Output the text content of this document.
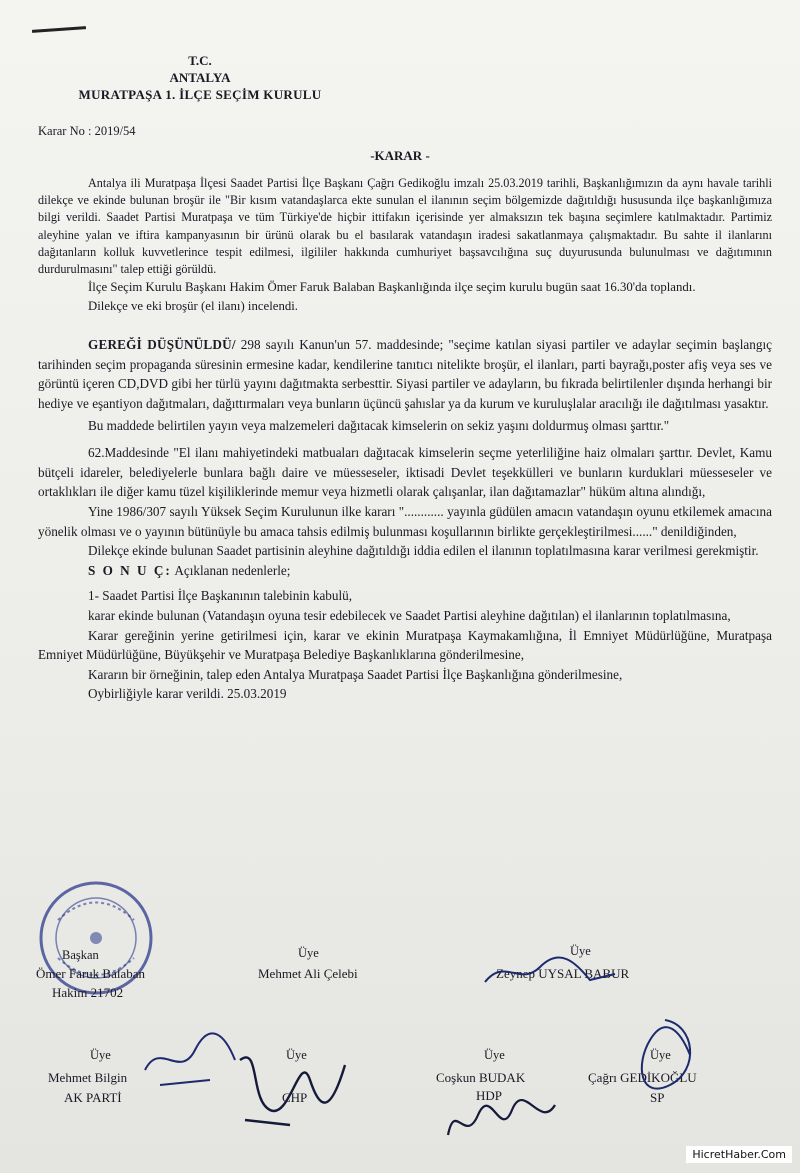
T.C.
ANTALYA
MURATPAŞA 1. İLÇE SEÇİM KURULU
Karar No : 2019/54
-KARAR -

Antalya ili Muratpaşa İlçesi Saadet Partisi İlçe Başkanı Çağrı Gedikoğlu imzalı 25.03.2019 tarihli, Başkanlığımızın da aynı havale tarihli dilekçe ve ekinde bulunan broşür ile "Bir kısım vatandaşlarca ekte sunulan el ilanının seçim bölgemizde dağıtıldığı hususunda ilçe başkanlığımıza bilgi verildi. Saadet Partisi Muratpaşa ve tüm Türkiye'de hiçbir ittifakın içerisinde yer almaksızın tek başına seçimlere katılmaktadır. Partimiz aleyhine yalan ve iftira kampanyasının bir ürünü olarak bu el basılarak vatandaşın iradesi sakatlanmaya çalışmaktadır. Bu sahte il ilanlarını dağıtanların kolluk kuvvetlerince tespit edilmesi, ilgililer hakkında cumhuriyet başsavcılığına suç duyurusunda bulunulması ve dağıtımının durdurulmasını" talep ettiği görüldü.

İlçe Seçim Kurulu Başkanı Hakim Ömer Faruk Balaban Başkanlığında ilçe seçim kurulu bugün saat 16.30'da toplandı.

Dilekçe ve eki broşür (el ilanı) incelendi.

GEREĞİ DÜŞÜNÜLDÜ/ 298 sayılı Kanun'un 57. maddesinde; "seçime katılan siyasi partiler ve adaylar seçimin başlangıç tarihinden seçim propaganda süresinin ermesine kadar, kendilerine tanıtıcı nitelikte broşür, el ilanları, parti bayrağı,poster afiş veya ses ve görüntü içeren CD,DVD gibi her türlü yayını dağıtmakta serbesttir. Siyasi partiler ve adayların, bu fıkrada belirtilenler dışında herhangi bir hediye ve eşantiyon dağıtmaları, dağıttırmaları veya bunların üçüncü şahıslar ya da kurum ve kuruluşlalar aracılığı ile dağıtılması yasaktır.

Bu maddede belirtilen yayın veya malzemeleri dağıtacak kimselerin on sekiz yaşını doldurmuş olması şarttır."

62.Maddesinde "El ilanı mahiyetindeki matbuaları dağıtacak kimselerin seçme yeterliliğine haiz olmaları şarttır. Devlet, Kamu bütçeli idareler, belediyelerle bunlara bağlı daire ve müesseseler, iktisadi Devlet teşekkülleri ve bunların kurduklari müesseseler ve ortaklıkları ile diğer kamu tüzel kişiliklerinde memur veya hizmetli olarak çalışanlar, ilan dağıtamazlar" hüküm altına alındığı,

Yine 1986/307 sayılı Yüksek Seçim Kurulunun ilke kararı "............ yayınla güdülen amacın vatandaşın oyunu etkilemek amacına yönelik olması ve o yayının bütünüyle bu amaca tahsis edilmiş bulunması koşullarının birlikte gerçekleştirilmesi......" denildiğinden,

Dilekçe ekinde bulunan Saadet partisinin aleyhine dağıtıldığı iddia edilen el ilanının toplatılmasına karar verilmesi gerekmiştir.

S O N U Ç: Açıklanan nedenlerle;

1- Saadet Partisi İlçe Başkanının talebinin kabulü,

karar ekinde bulunan (Vatandaşın oyuna tesir edebilecek ve Saadet Partisi aleyhine dağıtılan) el ilanlarının toplatılmasına,

Karar gereğinin yerine getirilmesi için, karar ve ekinin Muratpaşa Kaymakamlığına, İl Emniyet Müdürlüğüne, Muratpaşa Emniyet Müdürlüğüne, Büyükşehir ve Muratpaşa Belediye Başkanlıklarına gönderilmesine,

Kararın bir örneğinin, talep eden Antalya Muratpaşa Saadet Partisi İlçe Başkanlığına gönderilmesine,

Oybirliğiyle karar verildi. 25.03.2019

Başkan
Ömer Faruk Balaban
Hakim 21702
Üye
Mehmet Ali Çelebi
Üye
Zeynep UYSAL BABUR
Üye
Mehmet Bilgin
AK PARTİ
Üye
CHP
Üye
Coşkun BUDAK
HDP
Üye
Çağrı GEDİKOĞLU
SP
HicretHaber.Com
